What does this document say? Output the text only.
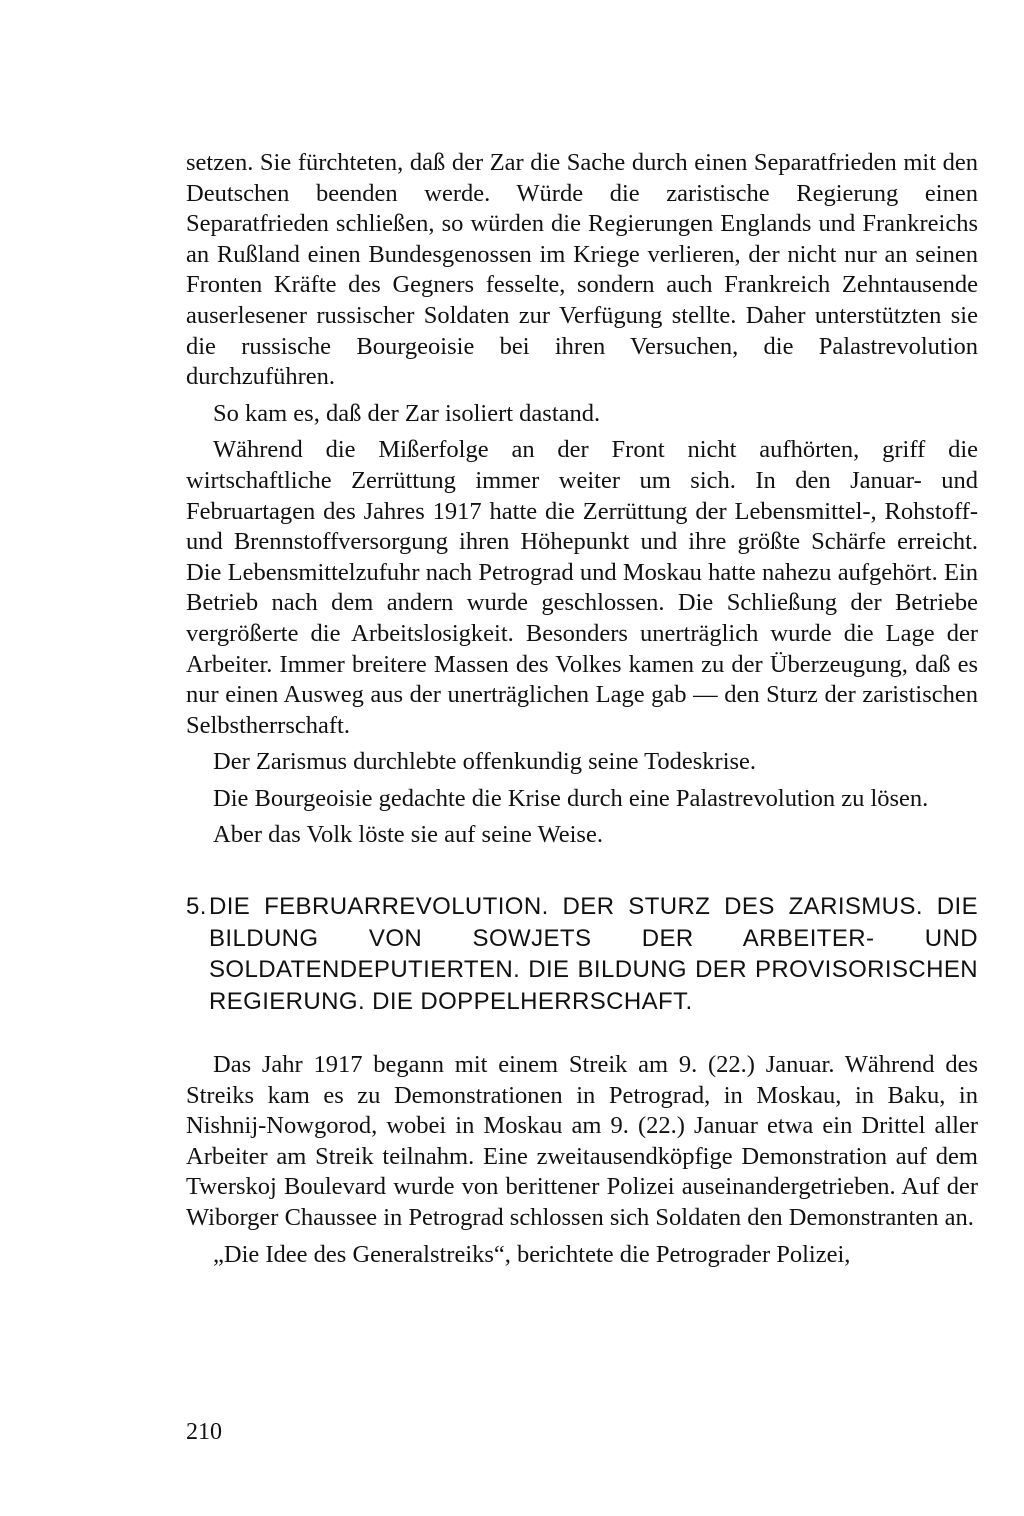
setzen. Sie fürchteten, daß der Zar die Sache durch einen Separatfrieden mit den Deutschen beenden werde. Würde die zaristische Regierung einen Separatfrieden schließen, so würden die Regierungen Englands und Frankreichs an Rußland einen Bundesgenossen im Kriege verlieren, der nicht nur an seinen Fronten Kräfte des Gegners fesselte, sondern auch Frankreich Zehntausende auserlesener russischer Soldaten zur Verfügung stellte. Daher unterstützten sie die russische Bourgeoisie bei ihren Versuchen, die Palastrevolution durchzuführen.

So kam es, daß der Zar isoliert dastand.

Während die Mißerfolge an der Front nicht aufhörten, griff die wirtschaftliche Zerrüttung immer weiter um sich. In den Januar- und Februartagen des Jahres 1917 hatte die Zerrüttung der Lebensmittel-, Rohstoff- und Brennstoffversorgung ihren Höhepunkt und ihre größte Schärfe erreicht. Die Lebensmittelzufuhr nach Petrograd und Moskau hatte nahezu aufgehört. Ein Betrieb nach dem andern wurde geschlossen. Die Schließung der Betriebe vergrößerte die Arbeitslosigkeit. Besonders unerträglich wurde die Lage der Arbeiter. Immer breitere Massen des Volkes kamen zu der Überzeugung, daß es nur einen Ausweg aus der unerträglichen Lage gab — den Sturz der zaristischen Selbstherrschaft.

Der Zarismus durchlebte offenkundig seine Todeskrise.

Die Bourgeoisie gedachte die Krise durch eine Palastrevolution zu lösen.

Aber das Volk löste sie auf seine Weise.

5. DIE FEBRUARREVOLUTION. DER STURZ DES ZARISMUS. DIE BILDUNG VON SOWJETS DER ARBEITER- UND SOLDATENDEPUTIERTEN. DIE BILDUNG DER PROVISORISCHEN REGIERUNG. DIE DOPPELHERRSCHAFT.

Das Jahr 1917 begann mit einem Streik am 9. (22.) Januar. Während des Streiks kam es zu Demonstrationen in Petrograd, in Moskau, in Baku, in Nishnij-Nowgorod, wobei in Moskau am 9. (22.) Januar etwa ein Drittel aller Arbeiter am Streik teilnahm. Eine zweitausendköpfige Demonstration auf dem Twerskoj Boulevard wurde von berittener Polizei auseinandergetrieben. Auf der Wiborger Chaussee in Petrograd schlossen sich Soldaten den Demonstranten an.

„Die Idee des Generalstreiks“, berichtete die Petrograder Polizei,

210
